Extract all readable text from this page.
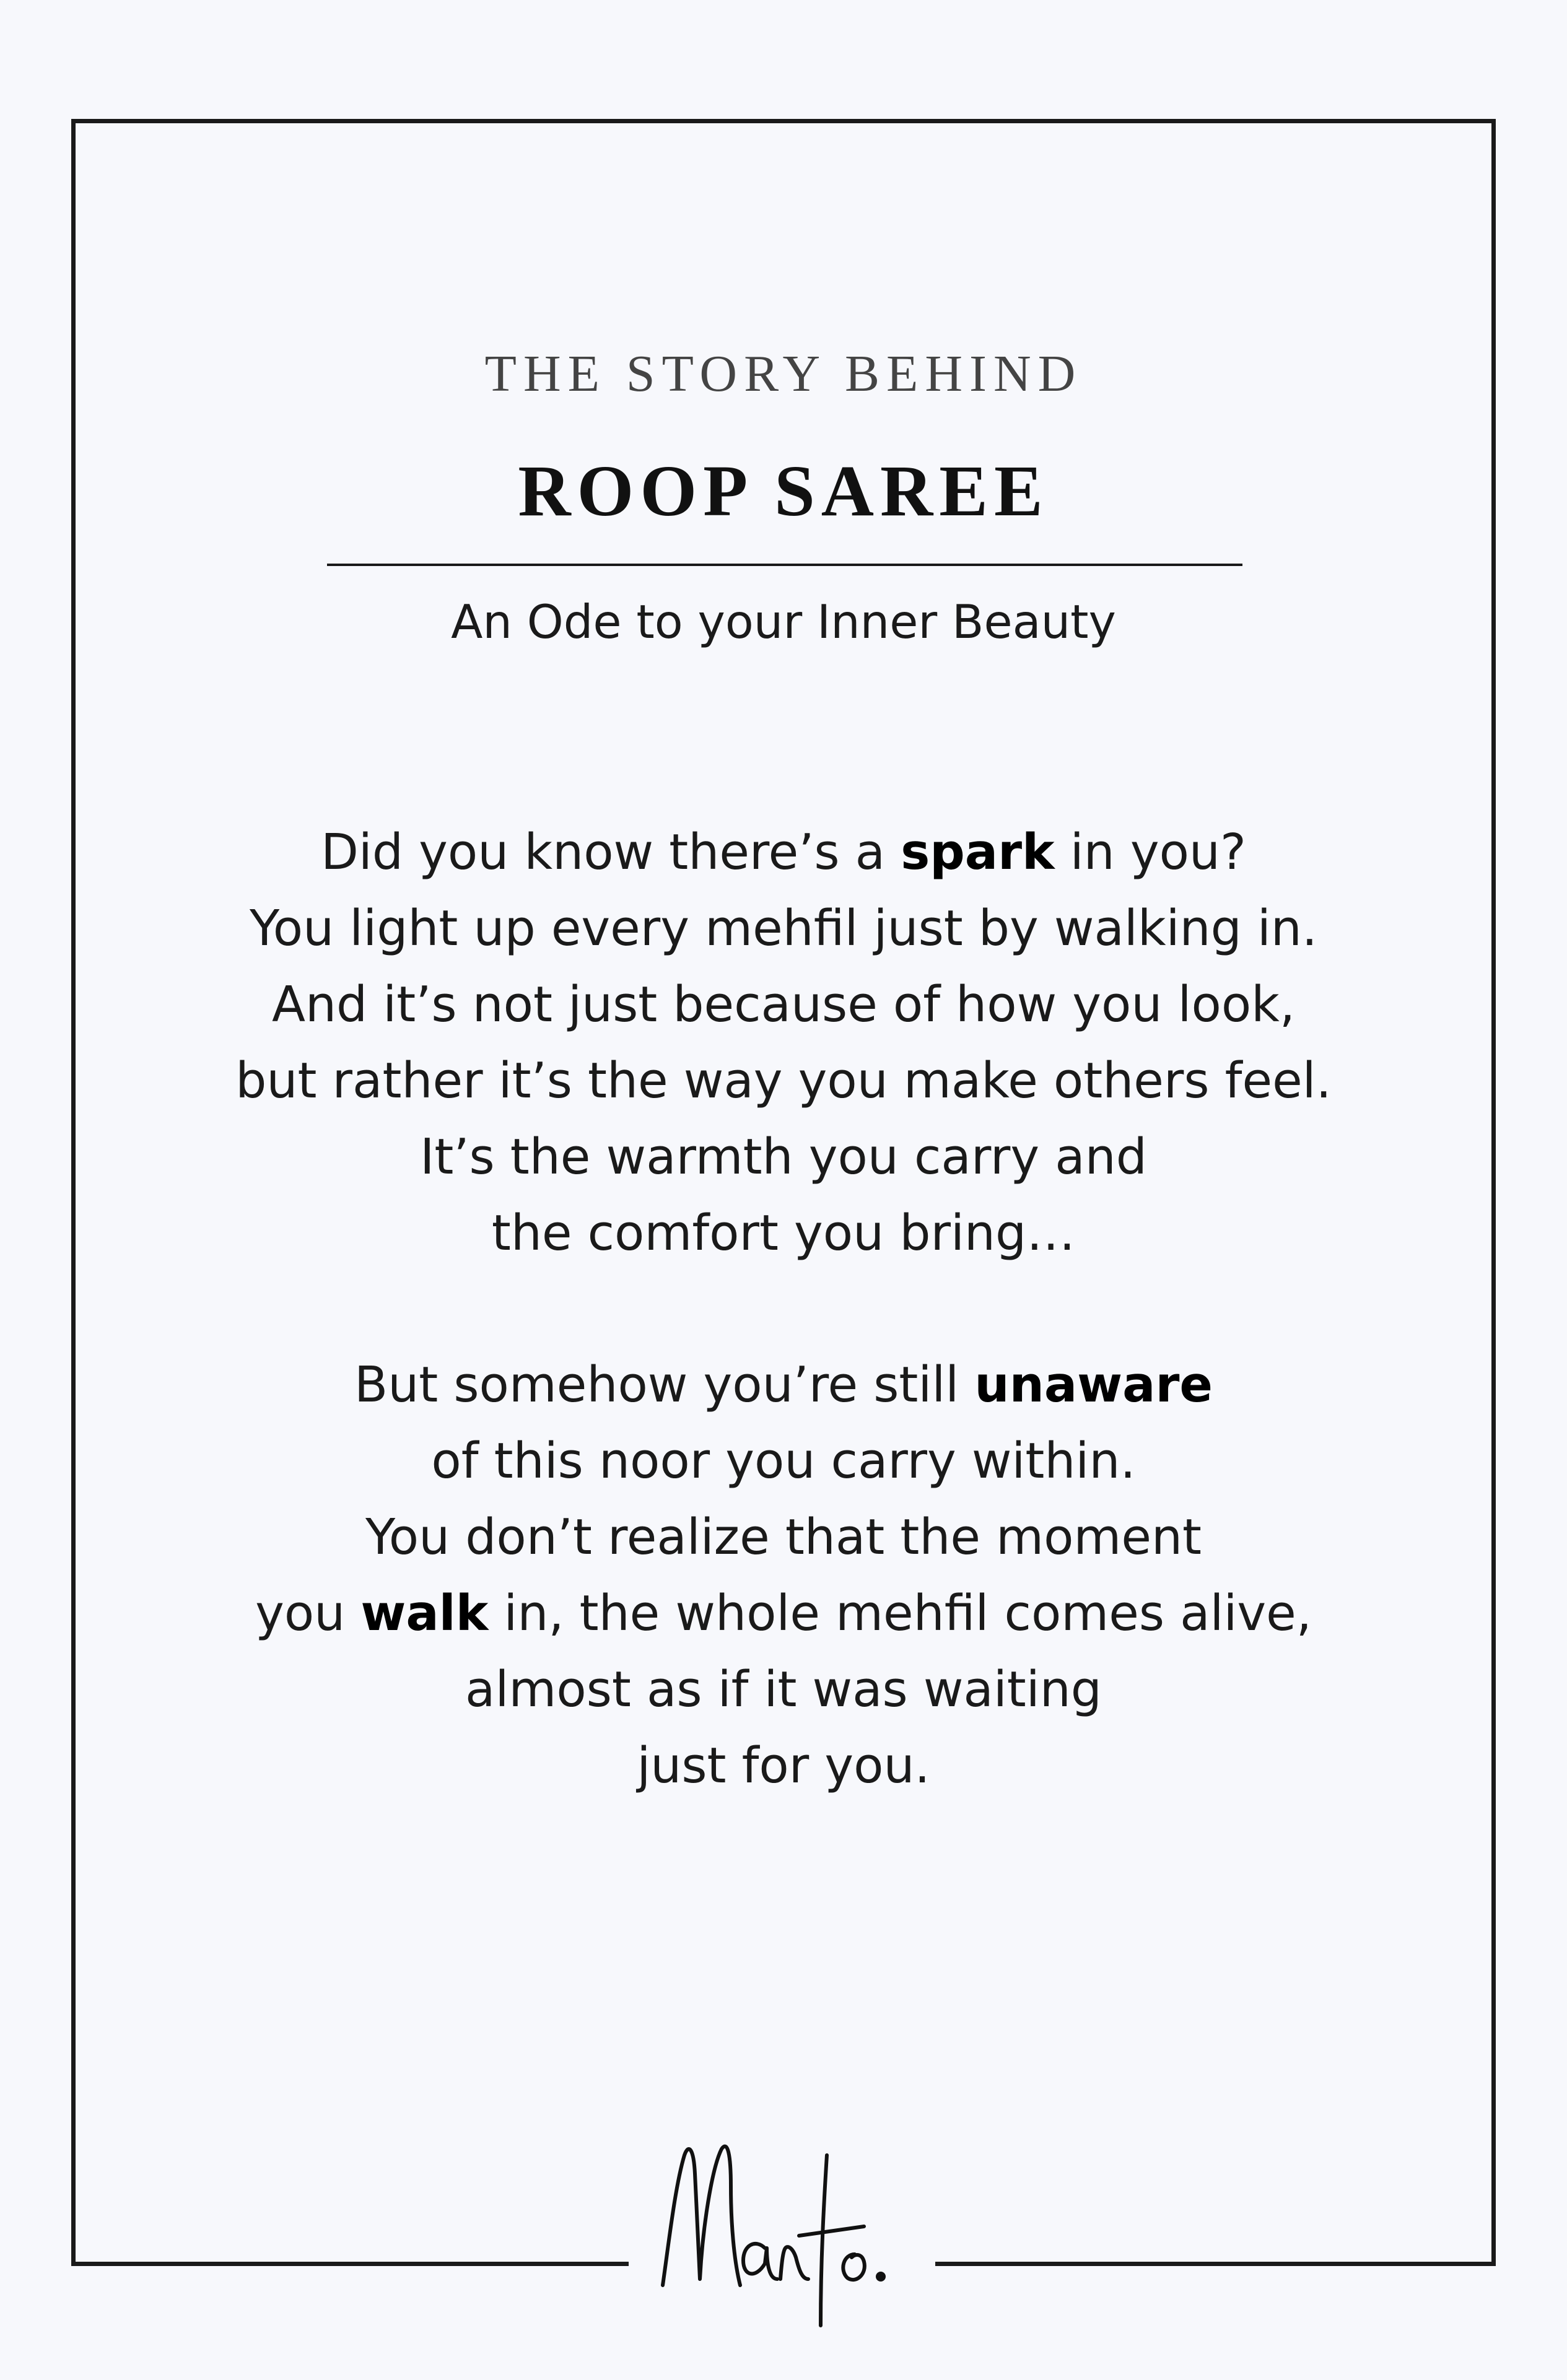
THE STORY BEHIND
ROOP SAREE
An Ode to your Inner Beauty
Did you know there’s a spark in you?
You light up every mehfil just by walking in.
And it’s not just because of how you look,
but rather it’s the way you make others feel.
It’s the warmth you carry and
the comfort you bring…
But somehow you’re still unaware
of this noor you carry within.
You don’t realize that the moment
you walk in, the whole mehfil comes alive,
almost as if it was waiting
just for you.
